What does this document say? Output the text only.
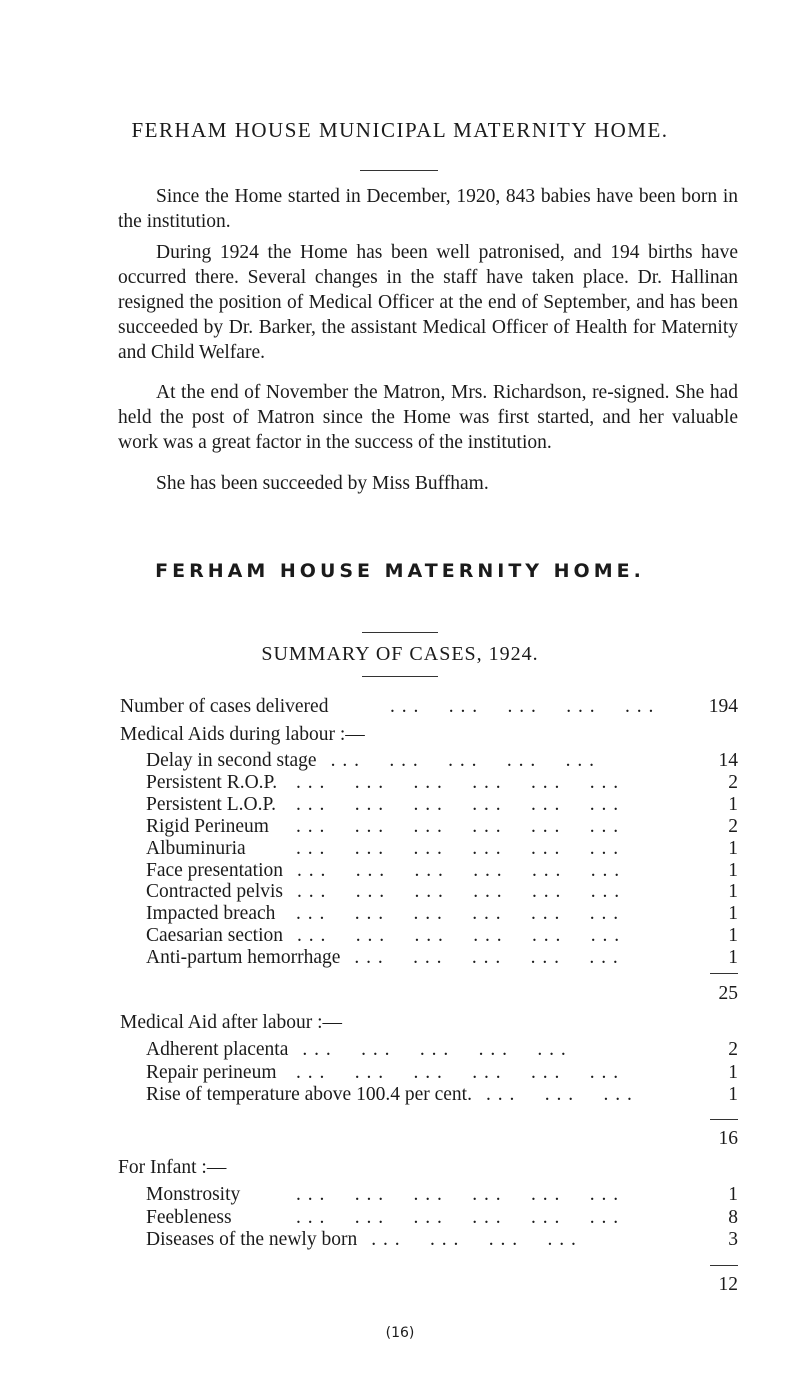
FERHAM HOUSE MUNICIPAL MATERNITY HOME.

Since the Home started in December, 1920, 843 babies have been born in the institution.

During 1924 the Home has been well patronised, and 194 births have occurred there. Several changes in the staff have taken place. Dr. Hallinan resigned the position of Medical Officer at the end of September, and has been succeeded by Dr. Barker, the assistant Medical Officer of Health for Maternity and Child Welfare.

At the end of November the Matron, Mrs. Richardson, re-signed. She had held the post of Matron since the Home was first started, and her valuable work was a great factor in the success of the institution.

She has been succeeded by Miss Buffham.

FERHAM HOUSE MATERNITY HOME.
SUMMARY OF CASES, 1924.
Number of cases delivered	. . .     . . .     . . .     . . .     . . .	194
Medical Aids during labour :—
Delay in second stage . . .     . . .     . . .     . . .     . . .	14
Persistent R.O.P. . . .     . . .     . . .     . . .     . . .     . . .	2
Persistent L.O.P. . . .     . . .     . . .     . . .     . . .     . . .	1
Rigid Perineum . . .     . . .     . . .     . . .     . . .     . . .	2
Albuminuria	. . .     . . .     . . .     . . .     . . .     . . .	1
Face presentation . . .     . . .     . . .     . . .     . . .     . . .	1
Contracted pelvis . . .     . . .     . . .     . . .     . . .     . . .	1
Impacted breach . . .     . . .     . . .     . . .     . . .     . . .	1
Caesarian section . . .     . . .     . . .     . . .     . . .     . . .	1
Anti-partum hemorrhage . . .     . . .     . . .     . . .     . . .	1
25
Medical Aid after labour :—
Adherent placenta . . .     . . .     . . .     . . .     . . .	2
Repair perineum . . .     . . .     . . .     . . .     . . .     . . .	1
Rise of temperature above 100.4 per cent. . . .     . . .     . . .	1
16
For Infant :—
Monstrosity	. . .     . . .     . . .     . . .     . . .     . . .	1
Feebleness	. . .     . . .     . . .     . . .     . . .     . . .	8
Diseases of the newly born . . .     . . .     . . .     . . .	3
12
(16)
